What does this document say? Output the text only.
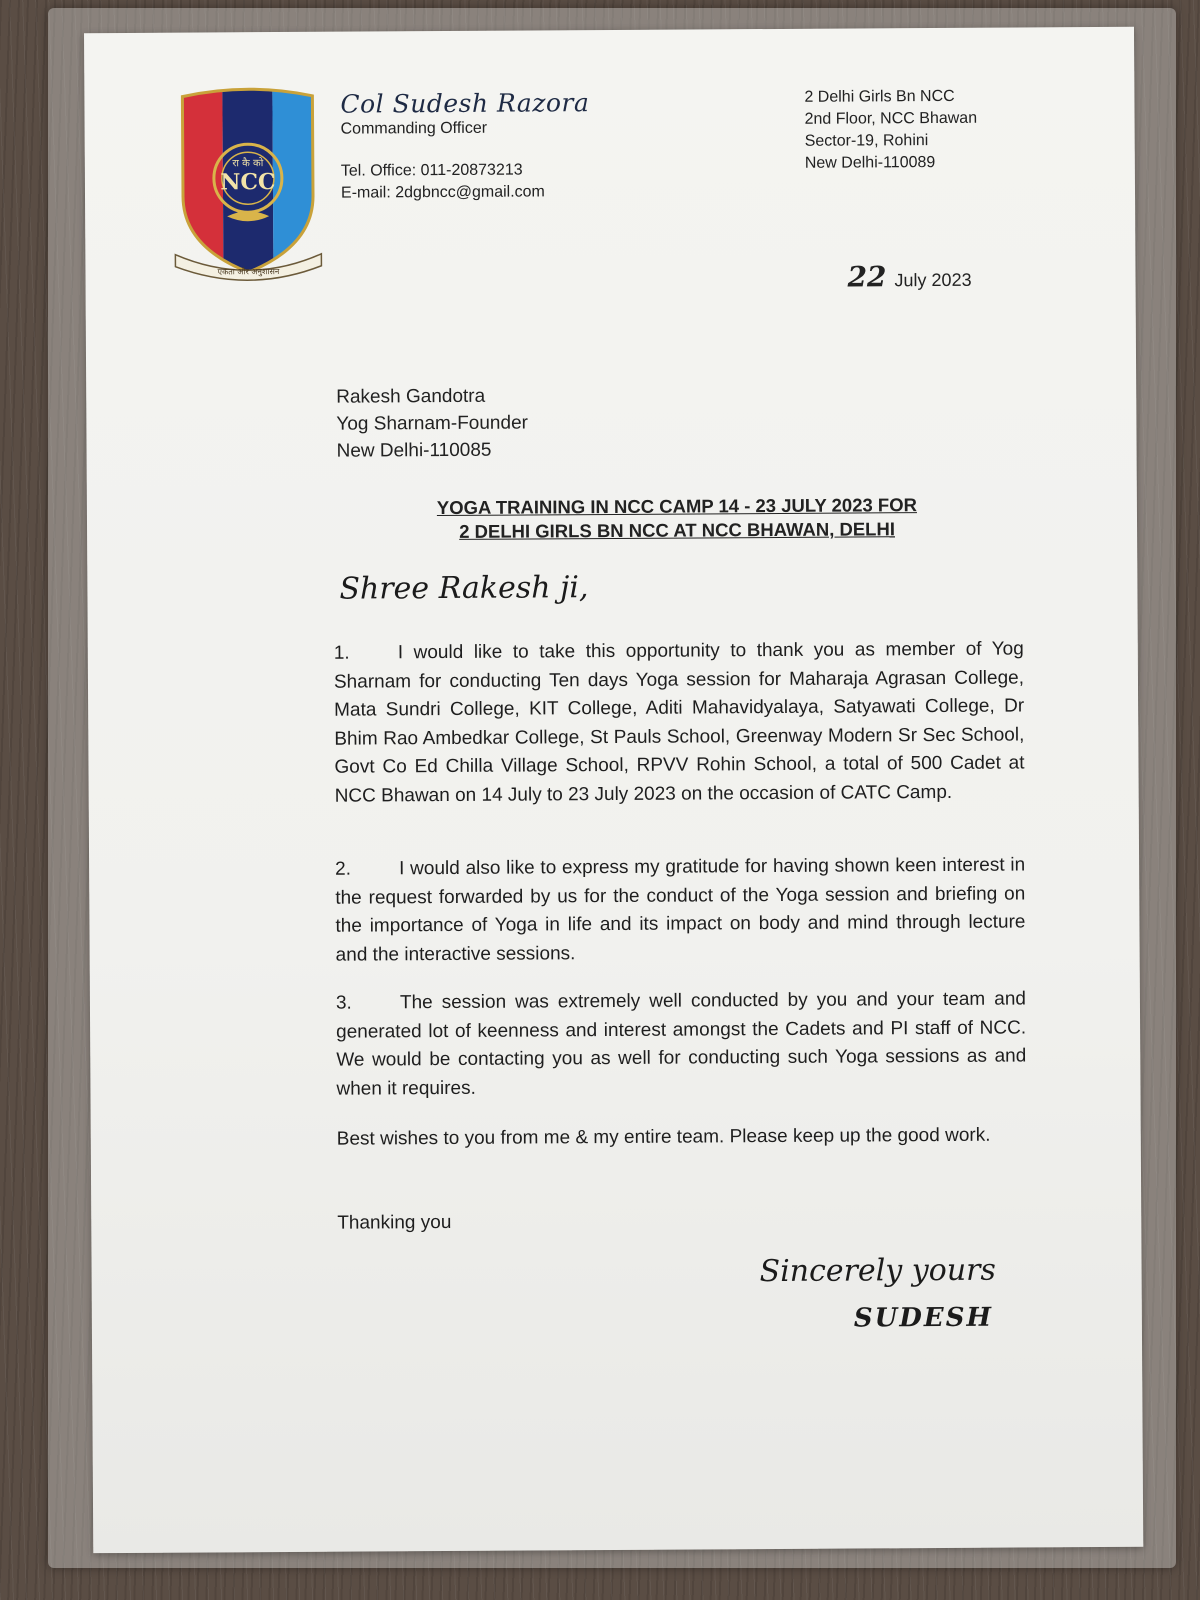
रा कै को
NCC
एकता और अनुशासन
Col Sudesh Razora
Commanding Officer
Tel. Office: 011-20873213
E-mail: 2dgbncc@gmail.com
2 Delhi Girls Bn NCC
2nd Floor, NCC Bhawan
Sector-19, Rohini
New Delhi-110089
22 July 2023
Rakesh Gandotra
Yog Sharnam-Founder
New Delhi-110085
YOGA TRAINING IN NCC CAMP 14 - 23 JULY 2023 FOR
2 DELHI GIRLS BN NCC AT NCC BHAWAN, DELHI
Shree Rakesh ji,
1.	I would like to take this opportunity to thank you as member of Yog Sharnam for conducting Ten days Yoga session for Maharaja Agrasan College, Mata Sundri College, KIT College, Aditi Mahavidyalaya, Satyawati College, Dr Bhim Rao Ambedkar College, St Pauls School, Greenway Modern Sr Sec School, Govt Co Ed Chilla Village School, RPVV Rohin School, a total of 500 Cadet at NCC Bhawan on 14 July to 23 July 2023 on the occasion of CATC Camp.
2.	I would also like to express my gratitude for having shown keen interest in the request forwarded by us for the conduct of the Yoga session and briefing on the importance of Yoga in life and its impact on body and mind through lecture and the interactive sessions.
3.	The session was extremely well conducted by you and your team and generated lot of keenness and interest amongst the Cadets and PI staff of NCC. We would be contacting you as well for conducting such Yoga sessions as and when it requires.
Best wishes to you from me & my entire team. Please keep up the good work.
Thanking you
Sincerely yours
SUDESH
